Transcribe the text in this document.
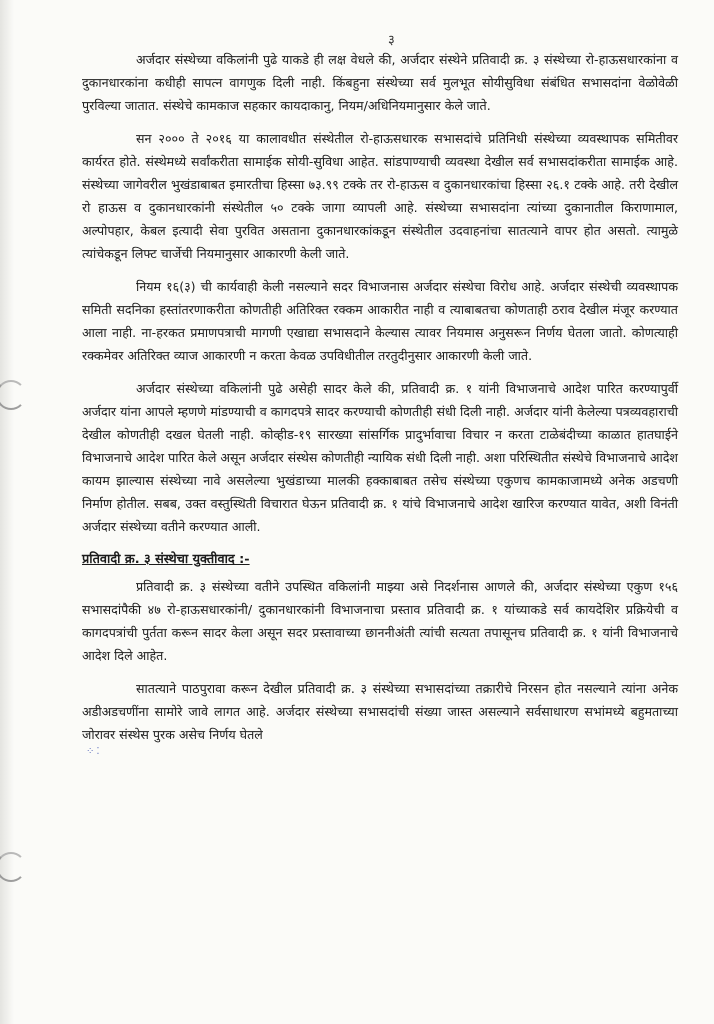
⁘⁚
३

अर्जदार संस्थेच्या वकिलांनी पुढे याकडे ही लक्ष वेधले की, अर्जदार संस्थेने प्रतिवादी क्र. ३ संस्थेच्या रो-हाऊसधारकांना व दुकानधारकांना कधीही सापत्न वागणुक दिली नाही. किंबहुना संस्थेच्या सर्व मुलभूत सोयीसुविधा संबंधित सभासदांना वेळोवेळी पुरविल्या जातात. संस्थेचे कामकाज सहकार कायदाकानु, नियम/अधिनियमानुसार केले जाते.

सन २००० ते २०१६ या कालावधीत संस्थेतील रो-हाऊसधारक सभासदांचे प्रतिनिधी संस्थेच्या व्यवस्थापक समितीवर कार्यरत होते. संस्थेमध्ये सर्वांकरीता सामाईक सोयी-सुविधा आहेत. सांडपाण्याची व्यवस्था देखील सर्व सभासदांकरीता सामाईक आहे. संस्थेच्या जागेवरील भुखंडाबाबत इमारतीचा हिस्सा ७३.९९ टक्के तर रो-हाऊस व दुकानधारकांचा हिस्सा २६.१ टक्के आहे. तरी देखील रो हाऊस व दुकानधारकांनी संस्थेतील ५० टक्के जागा व्यापली आहे. संस्थेच्या सभासदांना त्यांच्या दुकानातील किराणामाल, अल्पोपहार, केबल इत्यादी सेवा पुरवित असताना दुकानधारकांकडून संस्थेतील उदवाहनांचा सातत्याने वापर होत असतो. त्यामुळे त्यांचेकडून लिफ्ट चार्जेची नियमानुसार आकारणी केली जाते.

नियम १६(३) ची कार्यवाही केली नसल्याने सदर विभाजनास अर्जदार संस्थेचा विरोध आहे. अर्जदार संस्थेची व्यवस्थापक समिती सदनिका हस्तांतरणाकरीता कोणतीही अतिरिक्त रक्कम आकारीत नाही व त्याबाबतचा कोणताही ठराव देखील मंजूर करण्यात आला नाही. ना-हरकत प्रमाणपत्राची मागणी एखाद्या सभासदाने केल्यास त्यावर नियमास अनुसरून निर्णय घेतला जातो. कोणत्याही रक्कमेवर अतिरिक्त व्याज आकारणी न करता केवळ उपविधीतील तरतुदीनुसार आकारणी केली जाते.

अर्जदार संस्थेच्या वकिलांनी पुढे असेही सादर केले की, प्रतिवादी क्र. १ यांनी विभाजनाचे आदेश पारित करण्यापुर्वी अर्जदार यांना आपले म्हणणे मांडण्याची व कागदपत्रे सादर करण्याची कोणतीही संधी दिली नाही. अर्जदार यांनी केलेल्या पत्रव्यवहाराची देखील कोणतीही दखल घेतली नाही. कोव्हीड-१९ सारख्या सांसर्गिक प्रादुर्भावाचा विचार न करता टाळेबंदीच्या काळात हातघाईने विभाजनाचे आदेश पारित केले असून अर्जदार संस्थेस कोणतीही न्यायिक संधी दिली नाही. अशा परिस्थितीत संस्थेचे विभाजनाचे आदेश कायम झाल्यास संस्थेच्या नावे असलेल्या भुखंडाच्या मालकी हक्काबाबत तसेच संस्थेच्या एकुणच कामकाजामध्ये अनेक अडचणी निर्माण होतील. सबब, उक्त वस्तुस्थिती विचारात घेऊन प्रतिवादी क्र. १ यांचे विभाजनाचे आदेश खारिज करण्यात यावेत, अशी विनंती अर्जदार संस्थेच्या वतीने करण्यात आली.

प्रतिवादी क्र. ३ संस्थेचा युक्तीवाद :-

प्रतिवादी क्र. ३ संस्थेच्या वतीने उपस्थित वकिलांनी माझ्या असे निदर्शनास आणले की, अर्जदार संस्थेच्या एकुण १५६ सभासदांपैकी ४७ रो-हाऊसधारकांनी/ दुकानधारकांनी विभाजनाचा प्रस्ताव प्रतिवादी क्र. १ यांच्याकडे सर्व कायदेशिर प्रक्रियेची व कागदपत्रांची पुर्तता करून सादर केला असून सदर प्रस्तावाच्या छाननीअंती त्यांची सत्यता तपासूनच प्रतिवादी क्र. १ यांनी विभाजनाचे आदेश दिले आहेत.

सातत्याने पाठपुरावा करून देखील प्रतिवादी क्र. ३ संस्थेच्या सभासदांच्या तक्रारीचे निरसन होत नसल्याने त्यांना अनेक अडीअडचणींना सामोरे जावे लागत आहे. अर्जदार संस्थेच्या सभासदांची संख्या जास्त असल्याने सर्वसाधारण सभांमध्ये बहुमताच्या जोरावर संस्थेस पुरक असेच निर्णय घेतले
